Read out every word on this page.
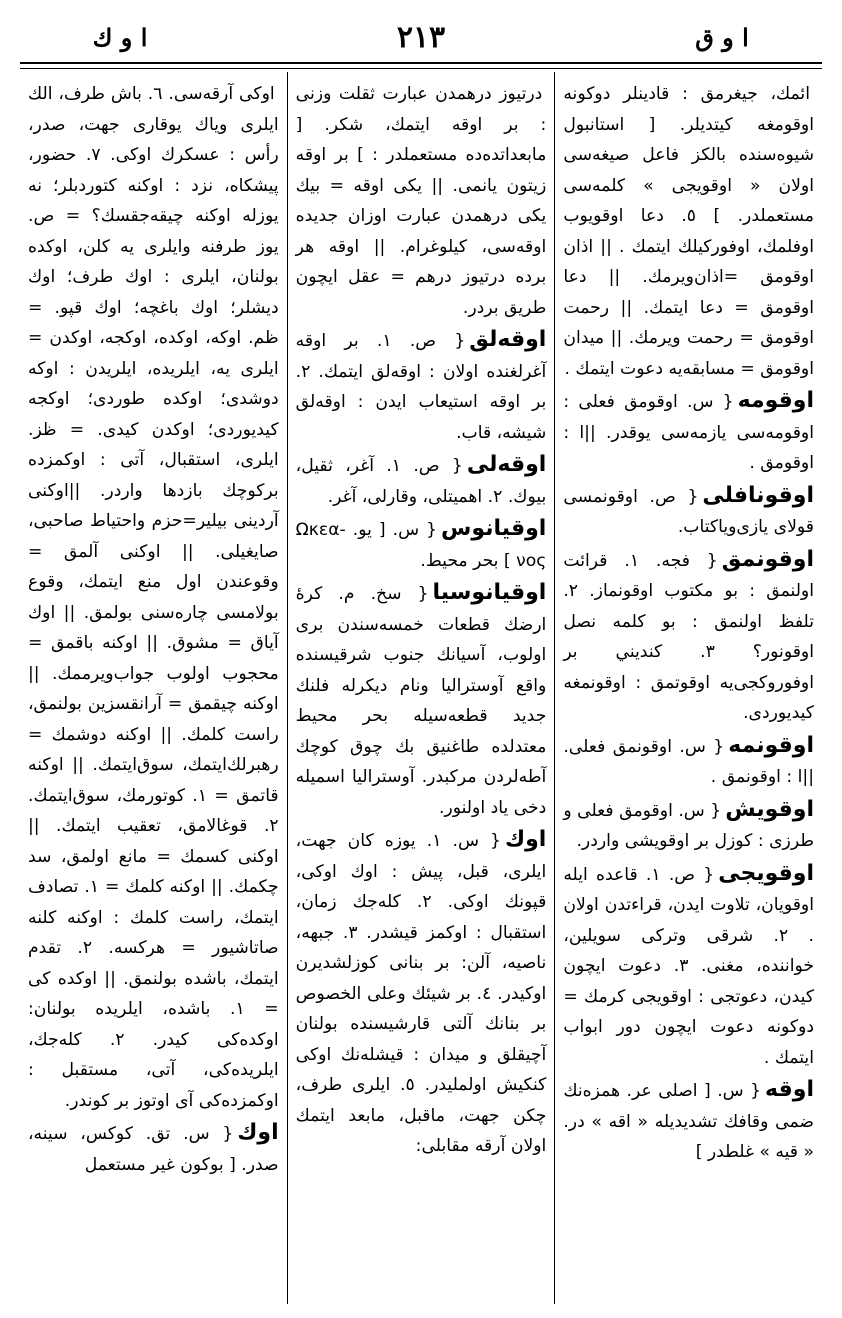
ا و ق
٢١٣
ا و ك

ائمك، جيغرمق : قادينلر دوكونه اوقومغه كيتديلر. [ استانبول شيوه‌سنده بالكز فاعل صيغه‌سى اولان « اوقويجى » كلمه‌سى مستعملدر. ] ٥. دعا اوقويوب اوفلمك، اوفوركيلك ايتمك . || اذان اوقومق =اذان‌ويرمك. || دعا اوقومق = دعا ايتمك. || رحمت اوقومق = رحمت ويرمك. || ميدان اوقومق = مسابقه‌يه دعوت ايتمك .

اوقومه{ س. اوقومق فعلى : اوقومه‌سى يازمه‌سى يوقدر. ||ا : اوقومق .

اوقونافلى{ ص. اوقونمسى قولاى يازى‌وياكتاب.

اوقونمق{ فجه. ١. قرائت اولنمق : بو مكتوب اوقونماز. ٢. تلفظ اولنمق : بو كلمه نصل اوقونور؟ ٣. كنديني بر اوفوروكجى‌يه اوقوتمق : اوقونمغه كيديوردى.

اوقونمه{ س. اوقونمق فعلى. ||ا : اوقونمق .

اوقويش{ س. اوقومق فعلى و طرزى : كوزل بر اوقويشى واردر.

اوقويجى{ ص. ١. قاعده ايله اوقويان، تلاوت ايدن، قراءتدن اولان . ٢. شرقى وتركى سويلين، خواننده، مغنى. ٣. دعوت ايچون كيدن، دعوتجى : اوقويجى كرمك = دوكونه دعوت ايچون دور ابواب ايتمك .

اوقه{ س. [ اصلى عر. همزه‌نك ضمى وقافك تشديديله « اقه » در. « قيه » غلطدر ]

درتيوز درهمدن عبارت ثقلت وزنى : بر اوقه ايتمك، شكر. [ مابعداتده‌ده مستعملدر : ] بر اوقه زيتون يانمى. || يكى اوقه = بيك يكى درهمدن عبارت اوزان جديده اوقه‌سى، كيلوغرام. || اوقه هر برده درتيوز درهم = عقل ايچون طريق بردر.

اوقه‌لق{ ص. ١. بر اوقه آغرلغنده اولان : اوقه‌لق ايتمك. ٢. بر اوقه استيعاب ايدن : اوقه‌لق شيشه، قاب.

اوقه‌لى{ ص. ١. آغر، ثقيل، بيوك. ٢. اهميتلى، وقارلى، آغر.

اوقيانوس{ س. [ يو. -Ωκεα νος ] بحر محيط.

اوقيانوسيا{ سخ. م. كره‌ٔ ارضك قطعات خمسه‌سندن برى اولوب، آسيانك جنوب شرقيسنده واقع آوستراليا ونام ديكرله فلنك جديد قطعه‌سيله بحر محيط معتدلده طاغنيق بك چوق كوچك آطه‌لردن مركبدر. آوستراليا اسميله دخى ياد اولنور.

اوك{ س. ١. يوزه كان جهت، ايلرى، قبل، پيش : اوك اوكى، قپونك اوكى. ٢. كله‌جك زمان، استقبال : اوكمز قيشدر. ٣. جبهه، ناصيه، آلن: بر بنانى كوزلشديرن اوكيدر. ٤. بر شيئك وعلى الخصوص بر بنانك آلتى قارشيسنده بولنان آچيقلق و ميدان : قيشله‌نك اوكى كنكيش اولمليدر. ٥. ايلرى طرف، چكن جهت، ماقبل، مابعد ايتمك اولان آرقه مقابلى:

اوكى آرقه‌سى. ٦. باش طرف، الك ايلرى وياك يوقارى جهت، صدر، رأس : عسكرك اوكى. ٧. حضور، پيشكاه، نزد : اوكنه كتوردبلر؛ نه يوزله اوكنه چيقه‌جقسك؟ = ص. يوز طرفنه وايلرى يه كلن، اوكده بولنان، ايلرى : اوك طرف؛ اوك ديشلر؛ اوك باغچه؛ اوك قپو. = ظم. اوكه، اوكده، اوكجه، اوكدن = ايلرى يه، ايلريده، ايلريدن : اوكه دوشدى؛ اوكده طوردى؛ اوكجه كيديوردى؛ اوكدن كيدى. = ظز. ايلرى، استقبال، آتى : اوكمزده بركوچك بازدها واردر. ||اوكنى آردينى بيلير=حزم واحتياط صاحبى، صايغيلى. || اوكنى آلمق = وقوعندن اول منع ايتمك، وقوع بولامسى چاره‌سنى بولمق. || اوك آياق = مشوق. || اوكنه باقمق = محجوب اولوب جواب‌ويرممك. ||اوكنه چيقمق = آرانقسزين بولنمق، راست كلمك. || اوكنه دوشمك = رهبرلك‌ايتمك، سوق‌ايتمك. || اوكنه قاتمق = ١. كوتورمك، سوق‌ايتمك. ٢. قوغالامق، تعقيب ايتمك. || اوكنى كسمك = مانع اولمق، سد چكمك. || اوكنه كلمك = ١. تصادف ايتمك، راست كلمك : اوكنه كلنه صاتاشيور = هركسه. ٢. تقدم ايتمك، باشده بولنمق. || اوكده كى = ١. باشده، ايلريده بولنان: اوكده‌كى كيدر. ٢. كله‌جك، ايلريده‌كى، آتى، مستقبل : اوكمزده‌كى آى اوتوز بر كوندر.

اوك{ س. تق. كوكس، سينه، صدر. [ بوكون غير مستعمل
